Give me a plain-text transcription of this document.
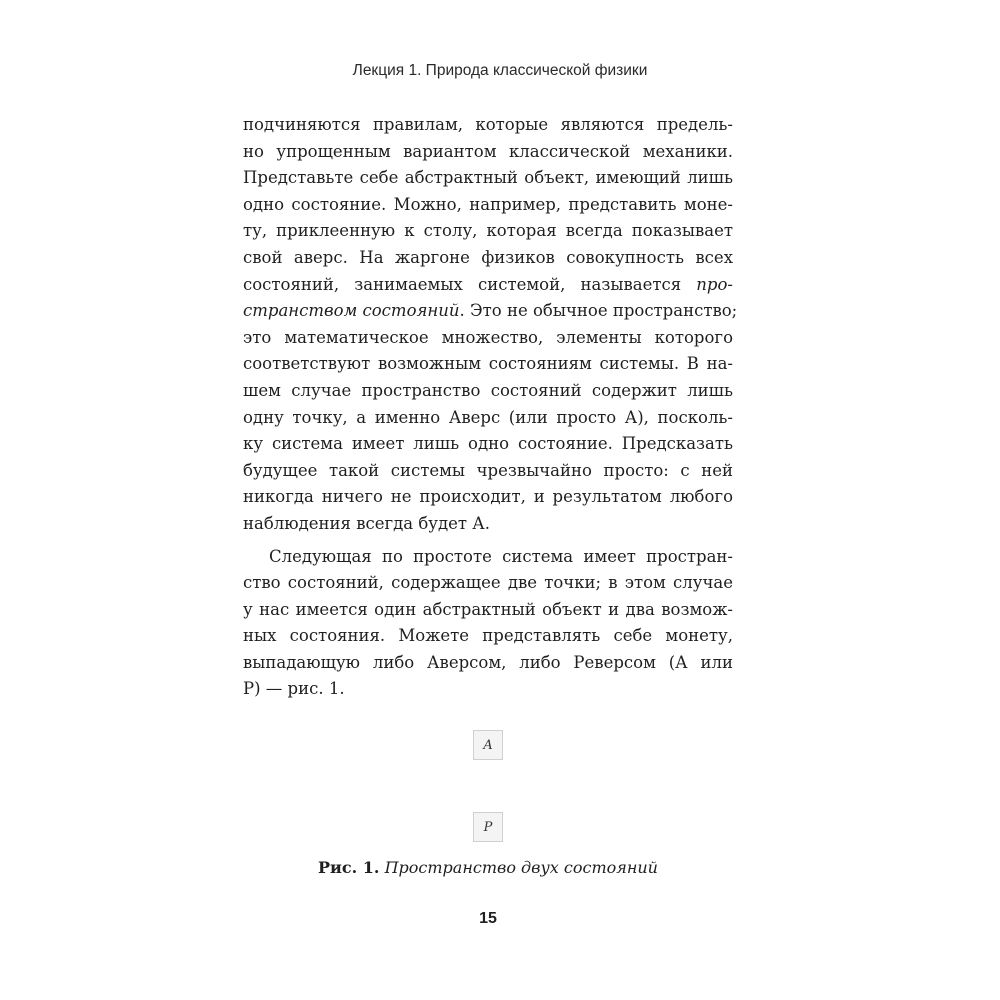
Лекция 1. Природа классической физики
подчиняются правилам, которые являются предель-
но упрощенным вариантом классической механики.
Представьте себе абстрактный объект, имеющий лишь
одно состояние. Можно, например, представить моне-
ту, приклеенную к столу, которая всегда показывает
свой аверс. На жаргоне физиков совокупность всех
состояний, занимаемых системой, называется про-
странством состояний. Это не обычное пространство;
это математическое множество, элементы которого
соответствуют возможным состояниям системы. В на-
шем случае пространство состояний содержит лишь
одну точку, а именно Аверс (или просто А), посколь-
ку система имеет лишь одно состояние. Предсказать
будущее такой системы чрезвычайно просто: с ней
никогда ничего не происходит, и результатом любого
наблюдения всегда будет А.
Следующая по простоте система имеет простран-
ство состояний, содержащее две точки; в этом случае
у нас имеется один абстрактный объект и два возмож-
ных состояния. Можете представлять себе монету,
выпадающую либо Аверсом, либо Реверсом (А или
Р) — рис. 1.
А
Р
Рис. 1. Пространство двух состояний
15
